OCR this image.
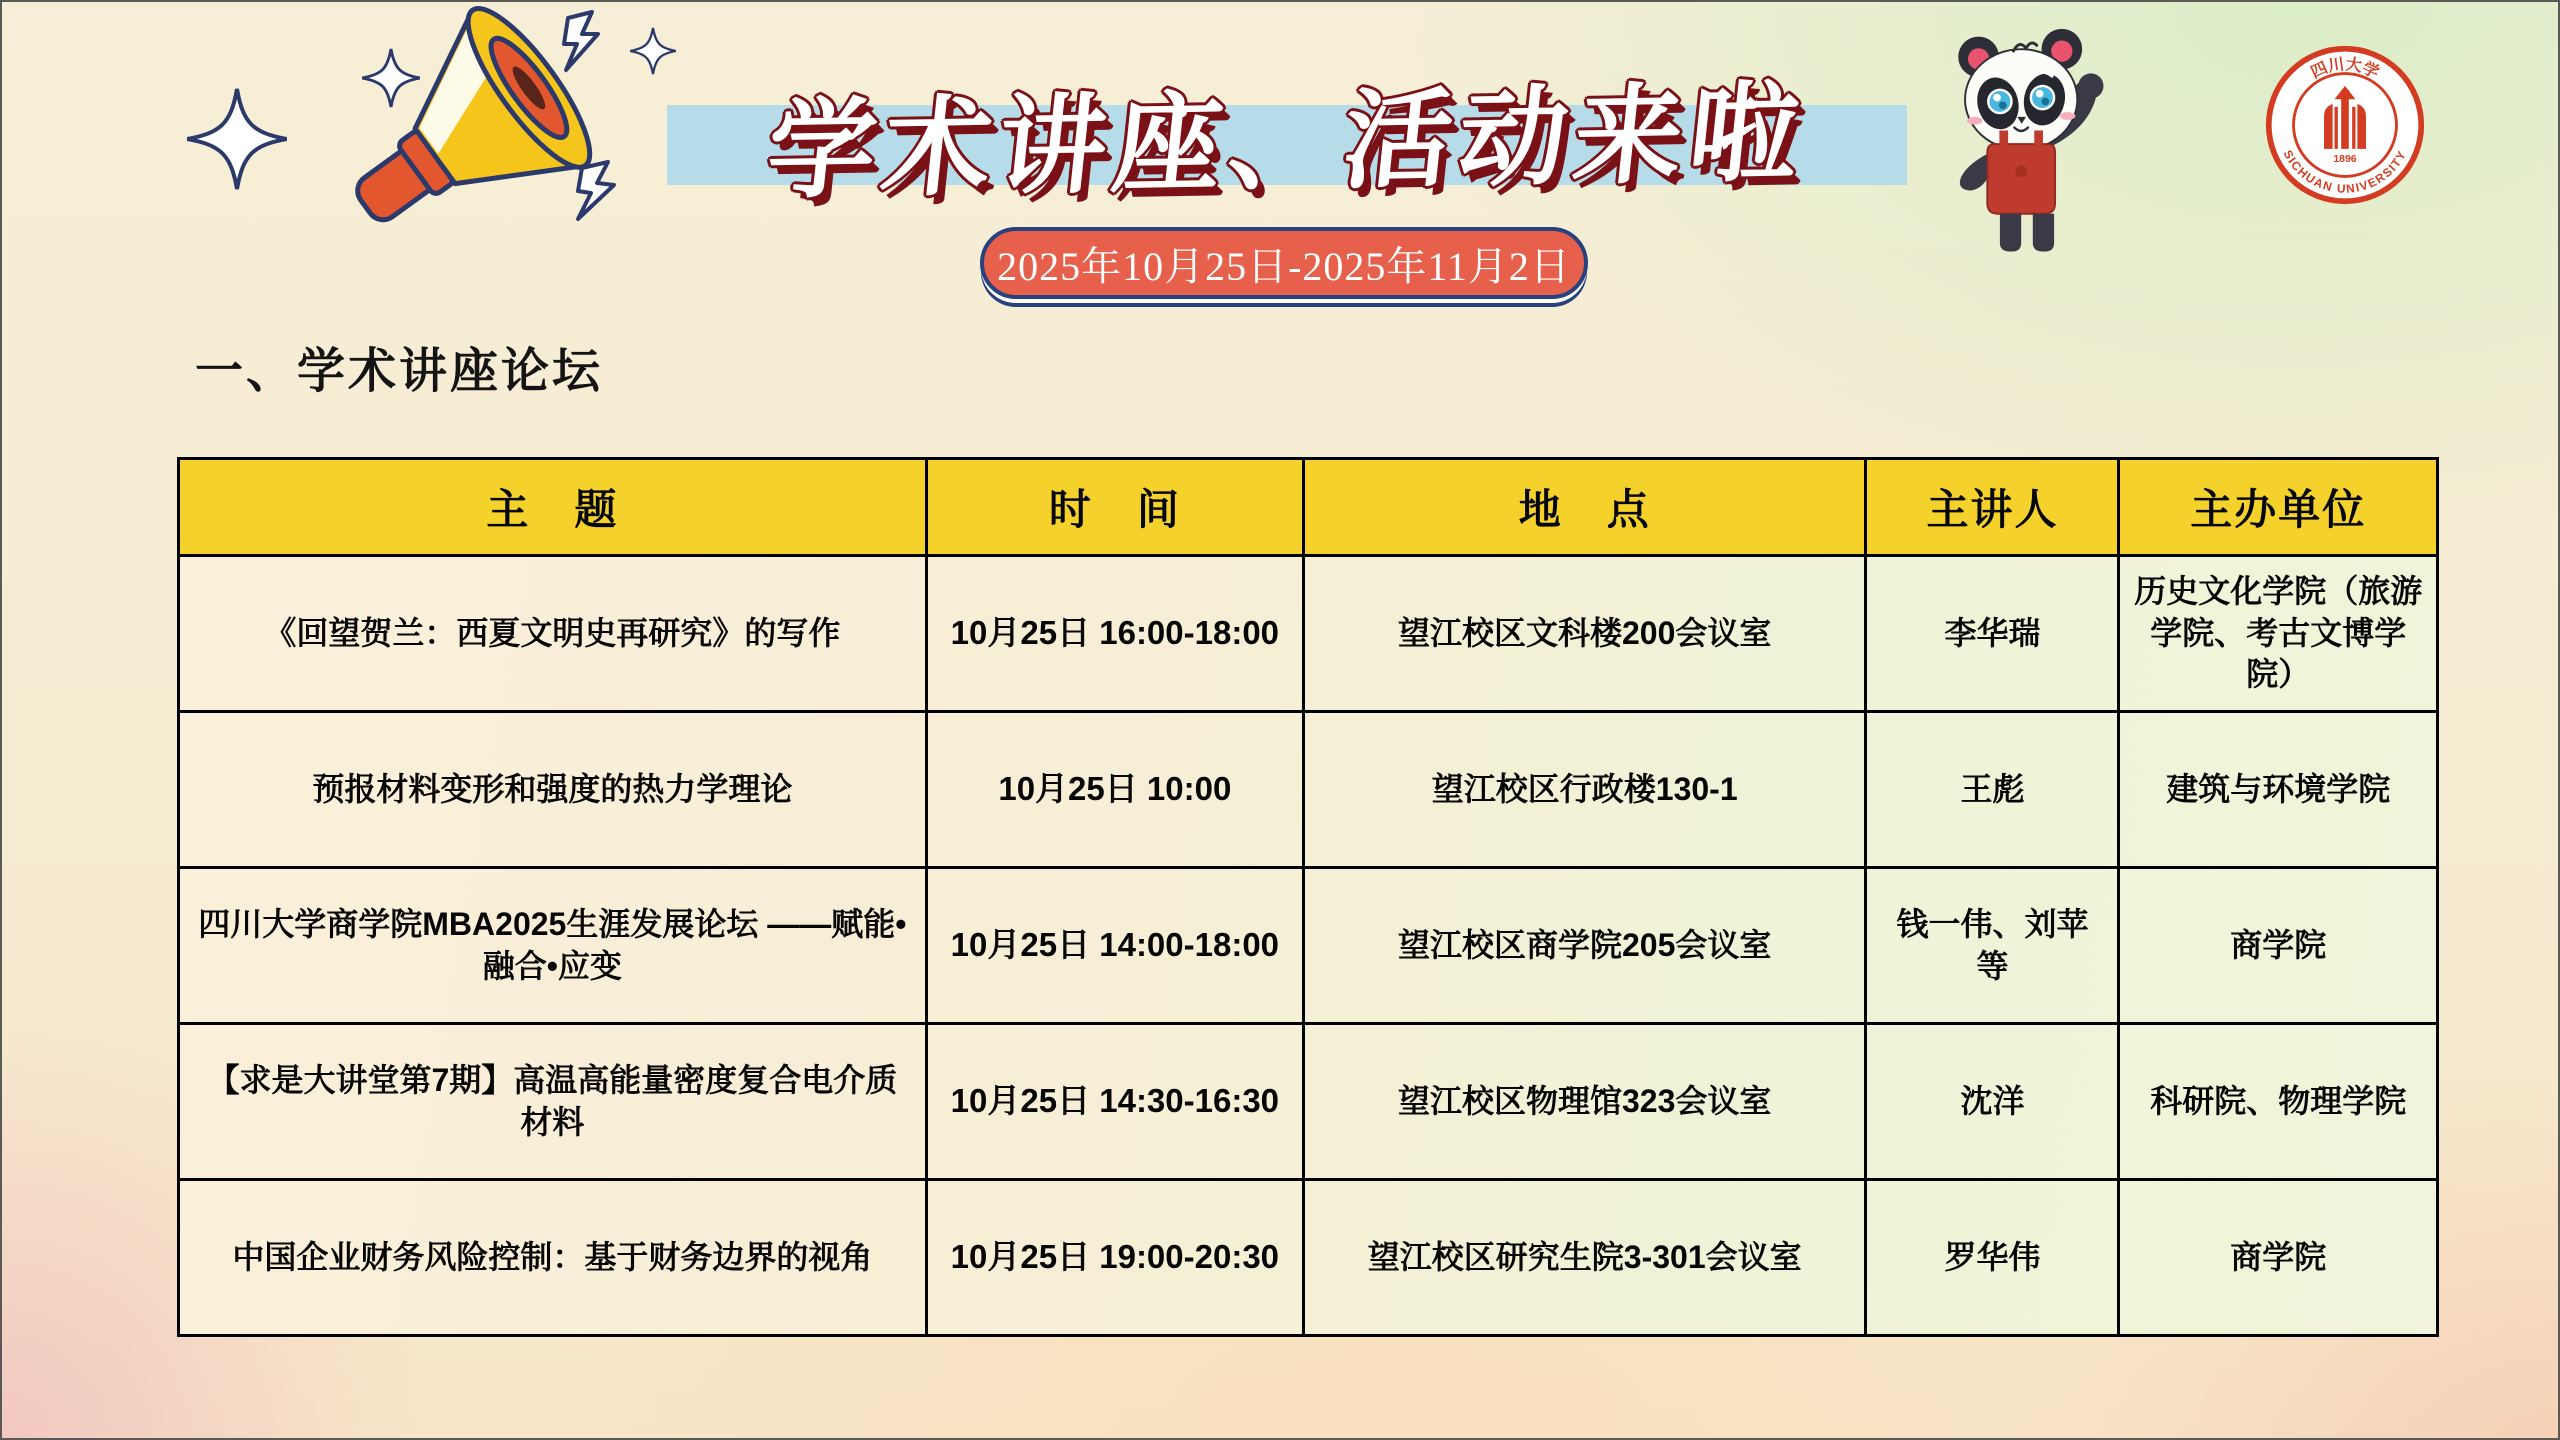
学术讲座、活动来啦
2025年10月25日-2025年11月2日
四川大学
SICHUAN UNIVERSITY
1896
一、学术讲座论坛
主　题	时　间	地　点	主讲人	主办单位
《回望贺兰：西夏文明史再研究》的写作	10月25日 16:00-18:00	望江校区文科楼200会议室	李华瑞	历史文化学院（旅游学院、考古文博学院）
预报材料变形和强度的热力学理论	10月25日 10:00	望江校区行政楼130-1	王彪	建筑与环境学院
四川大学商学院MBA2025生涯发展论坛 ——赋能•融合•应变	10月25日 14:00-18:00	望江校区商学院205会议室	钱一伟、刘苹等	商学院
【求是大讲堂第7期】高温高能量密度复合电介质材料	10月25日 14:30-16:30	望江校区物理馆323会议室	沈洋	科研院、物理学院
中国企业财务风险控制：基于财务边界的视角	10月25日 19:00-20:30	望江校区研究生院3-301会议室	罗华伟	商学院
